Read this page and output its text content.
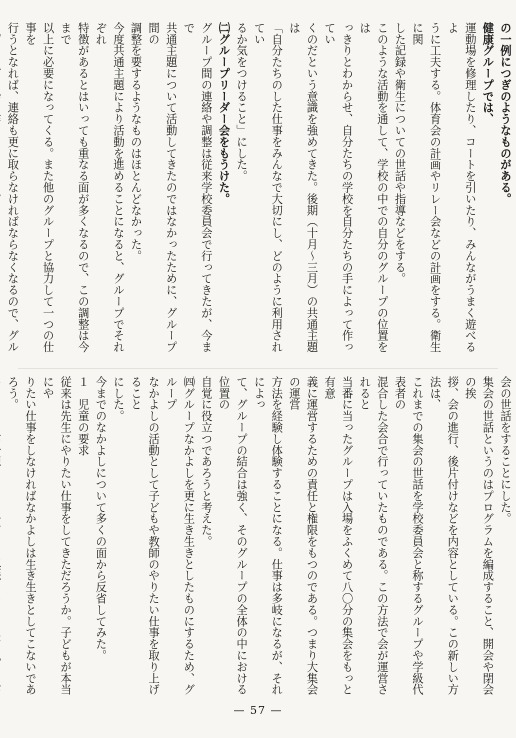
の一例につぎのようなものがある。

健康グループでは、

運動場を修理したり、コートを引いたり、みんながうまく遊べるよ

うに工夫する。体育会の計画やリレー会などの計画をする。衛生に関

した記録や衛生についての世話や指導などをする。

このような活動を通して、学校の中での自分のグループの位置をは

っきりとわからせ、自分たちの学校を自分たちの手によって作ってい

くのだという意識を強めてきた。後期（十月〜三月）の共通主題は

「自分たちのした仕事をみんなで大切にし、どのように利用されてい

るか気をつけること」にした。

㈡グループリーダー会をもうけた。

グループ間の連絡や調整は従来学校委員会で行ってきたが、今まで

共通主題について活動してきたのではなかったために、グループ間の

調整を要するようなものはほとんどなかった。

今度共通主題により活動を進めることになると、グループでそれぞれ

特徴があるとはいっても重なる面が多くなるので、この調整は今まで

以上に必要になってくる。また他のグループと協力して一つの仕事を

行うとなれば、連絡も更に取らなければならなくなるので、グル

会の世話をすることにした。

集会の世話というのはプログラムを編成すること、開会や閉会の挨

拶、会の進行、後片付けなどを内容としている。この新しい方法は、

これまでの集会の世話を学校委員会と称するグループや学級代表者の

混合した会合で行っていたものである。この方法で会が運営されると

当番に当ったグループは入場をふくめて八〇分の集会をもっと有意

義に運営するための責任と権限をもつのである。つまり大集会の運営

方法を経験し体験することになる。仕事は多岐になるが、それによっ

て、グループの結合は強く、そのグループの全体の中における位置の

自覚に役立つであろうと考えた。

㈣グループなかよしを更に生き生きとしたものにするため、グループ

なかよしの活動として子どもや教師のやりたい仕事を取り上げること

にした。

今までのなかよしについて多くの面から反省してみた。

１　児童の要求

従来は先生にやりたい仕事をしてきただろうか。子どもが本当にや

りたい仕事をしなければなかよしは生き生きとしてこないであろう。

— 57 —
